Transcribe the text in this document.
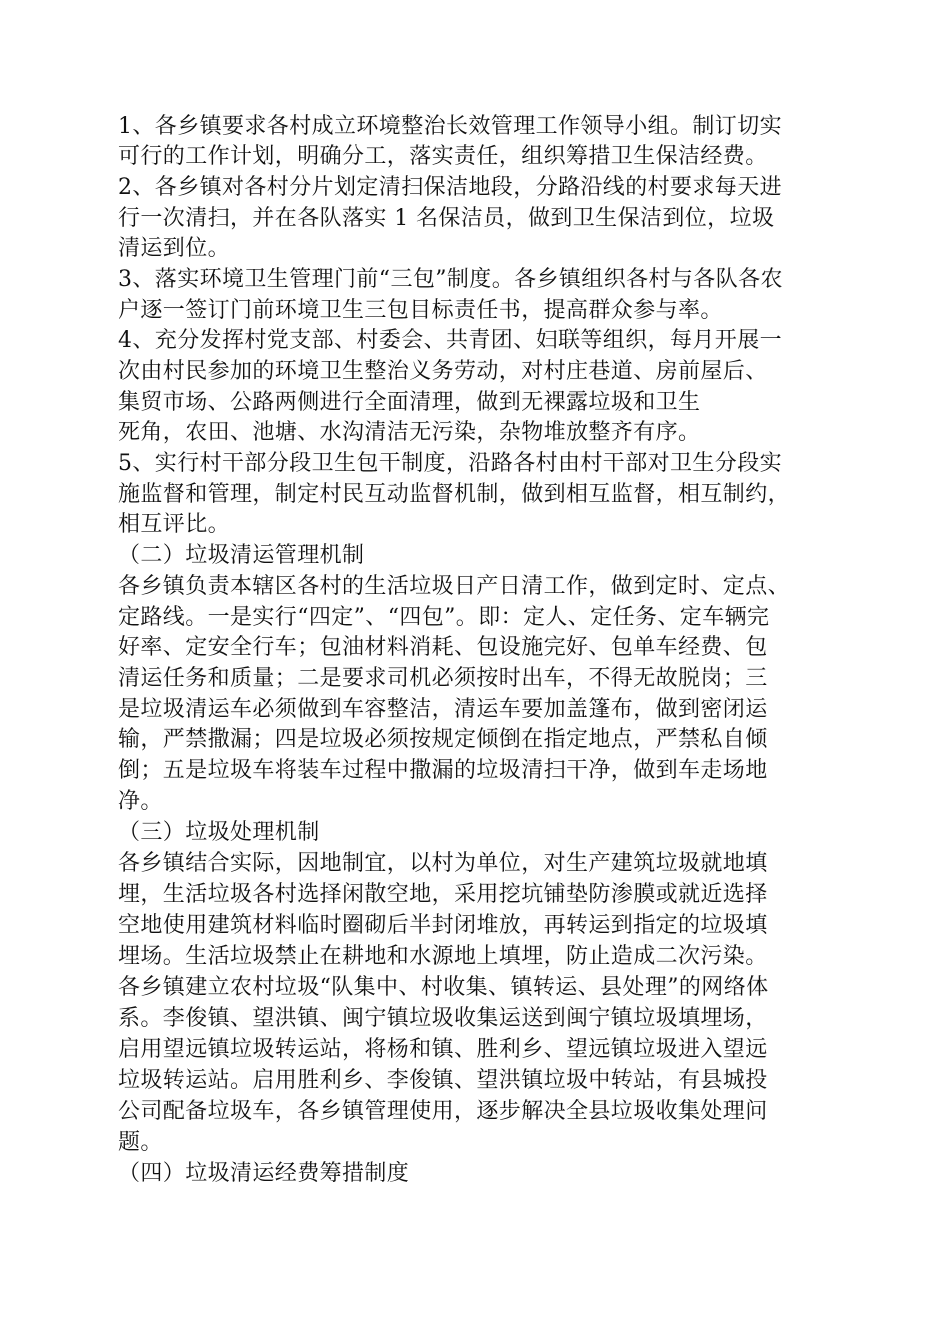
1、各乡镇要求各村成立环境整治长效管理工作领导小组。制订切实
可行的工作计划，明确分工，落实责任，组织筹措卫生保洁经费。
2、各乡镇对各村分片划定清扫保洁地段，分路沿线的村要求每天进
行一次清扫，并在各队落实 1 名保洁员，做到卫生保洁到位，垃圾
清运到位。
3、落实环境卫生管理门前“三包”制度。各乡镇组织各村与各队各农
户逐一签订门前环境卫生三包目标责任书，提高群众参与率。
4、充分发挥村党支部、村委会、共青团、妇联等组织，每月开展一
次由村民参加的环境卫生整治义务劳动，对村庄巷道、房前屋后、
集贸市场、公路两侧进行全面清理，做到无裸露垃圾和卫生
死角，农田、池塘、水沟清洁无污染，杂物堆放整齐有序。
5、实行村干部分段卫生包干制度，沿路各村由村干部对卫生分段实
施监督和管理，制定村民互动监督机制，做到相互监督，相互制约，
相互评比。
（二）垃圾清运管理机制
各乡镇负责本辖区各村的生活垃圾日产日清工作，做到定时、定点、
定路线。一是实行“四定”、“四包”。即：定人、定任务、定车辆完
好率、定安全行车；包油材料消耗、包设施完好、包单车经费、包
清运任务和质量；二是要求司机必须按时出车，不得无故脱岗；三
是垃圾清运车必须做到车容整洁，清运车要加盖篷布，做到密闭运
输，严禁撒漏；四是垃圾必须按规定倾倒在指定地点，严禁私自倾
倒；五是垃圾车将装车过程中撒漏的垃圾清扫干净，做到车走场地
净。
（三）垃圾处理机制
各乡镇结合实际，因地制宜，以村为单位，对生产建筑垃圾就地填
埋，生活垃圾各村选择闲散空地，采用挖坑铺垫防渗膜或就近选择
空地使用建筑材料临时圈砌后半封闭堆放，再转运到指定的垃圾填
埋场。生活垃圾禁止在耕地和水源地上填埋，防止造成二次污染。
各乡镇建立农村垃圾“队集中、村收集、镇转运、县处理”的网络体
系。李俊镇、望洪镇、闽宁镇垃圾收集运送到闽宁镇垃圾填埋场，
启用望远镇垃圾转运站，将杨和镇、胜利乡、望远镇垃圾进入望远
垃圾转运站。启用胜利乡、李俊镇、望洪镇垃圾中转站，有县城投
公司配备垃圾车，各乡镇管理使用，逐步解决全县垃圾收集处理问
题。
（四）垃圾清运经费筹措制度
